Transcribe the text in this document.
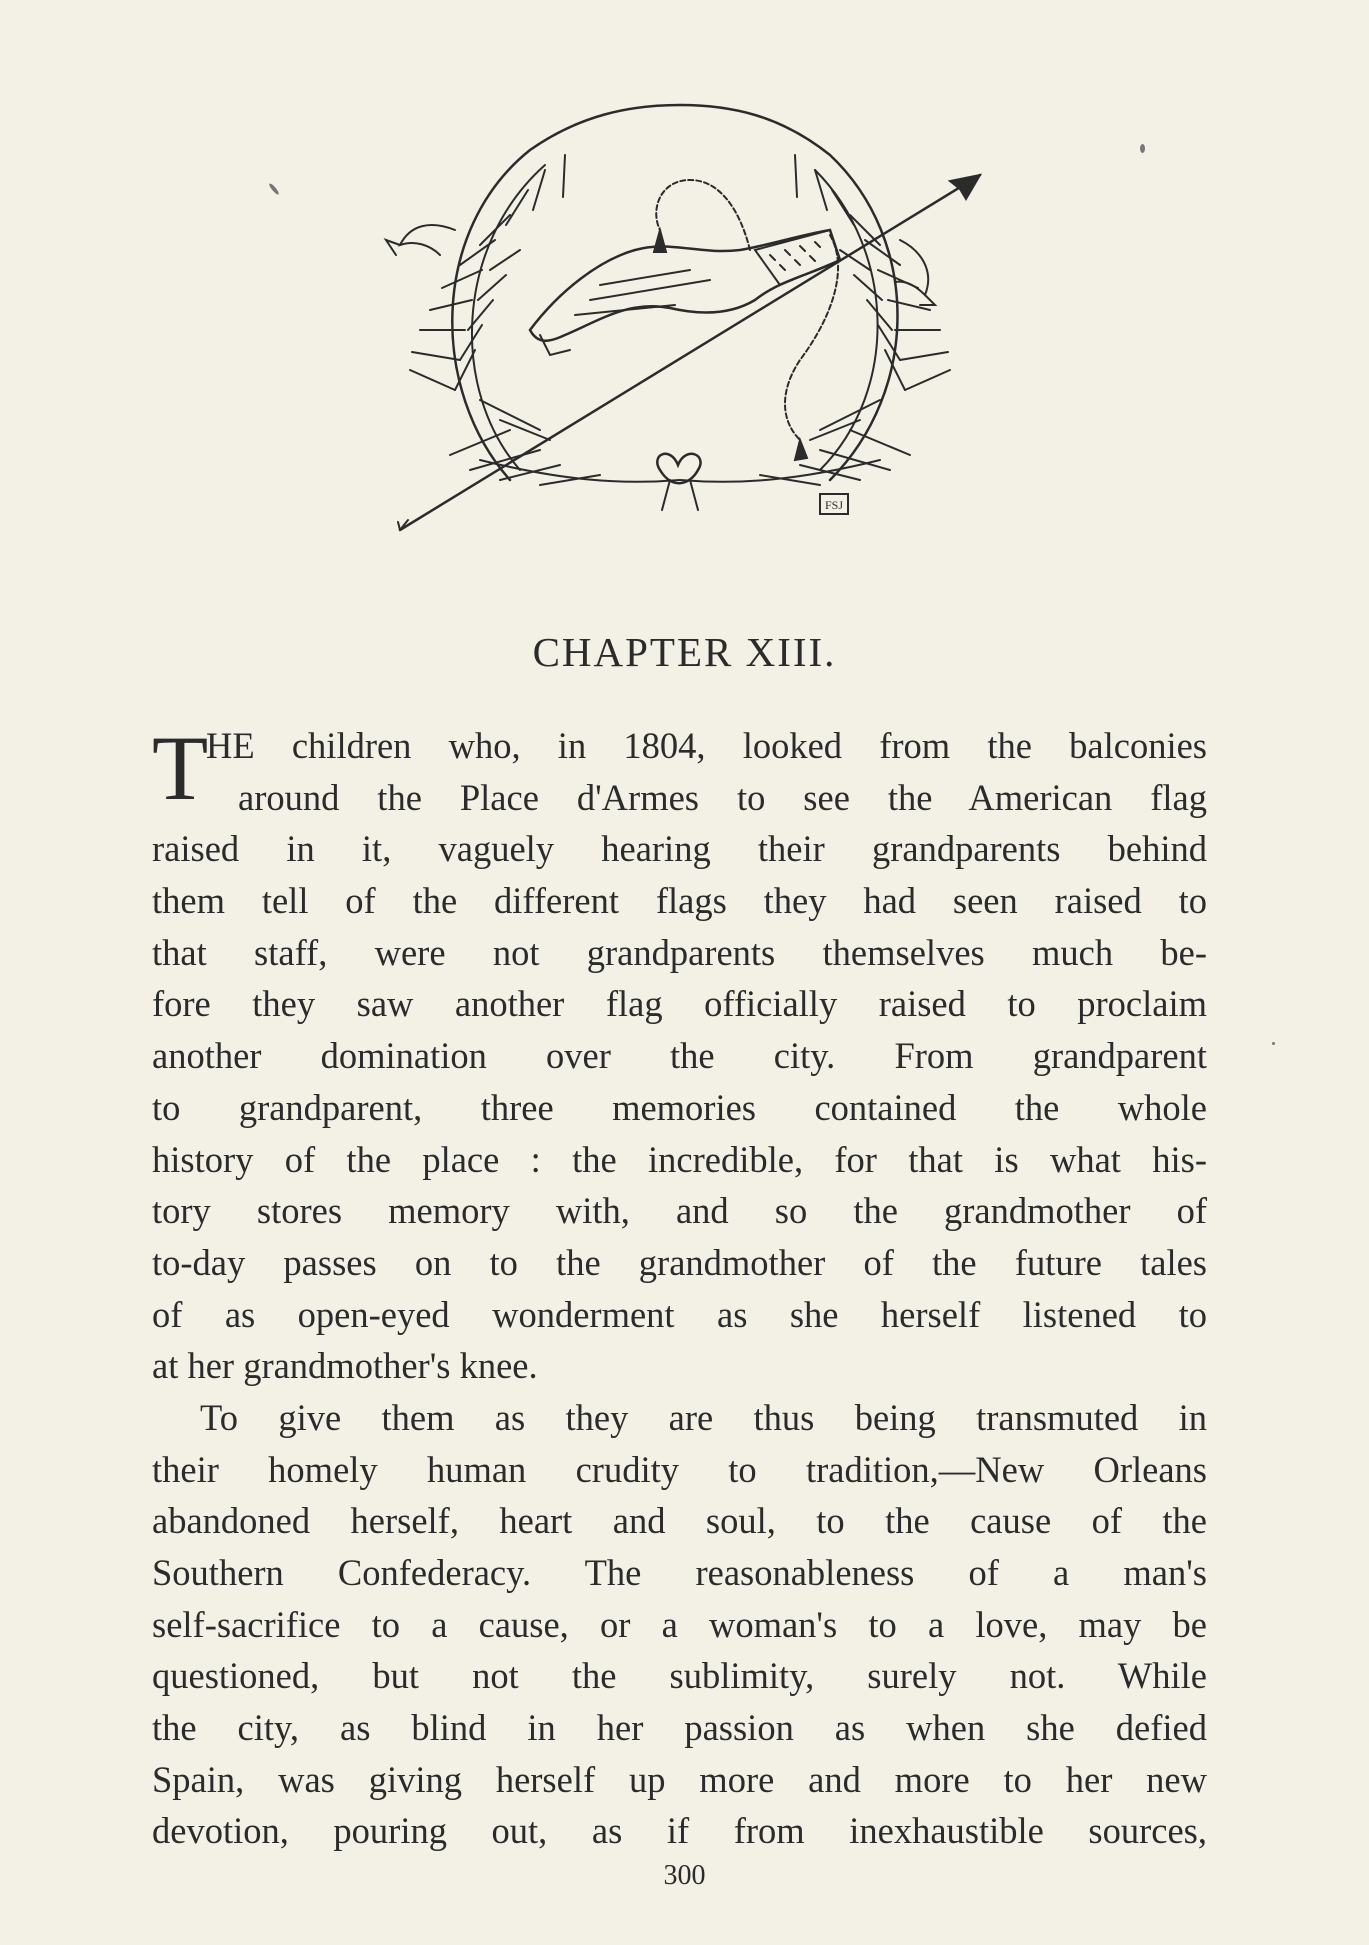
FSJ
CHAPTER XIII.
T
HE children who, in 1804, looked from the balconies
around the Place d'Armes to see the American flag
raised in it, vaguely hearing their grandparents behind
them tell of the different flags they had seen raised to
that staff, were not grandparents themselves much be-
fore they saw another flag officially raised to proclaim
another domination over the city. From grandparent
to grandparent, three memories contained the whole
history of the place : the incredible, for that is what his-
tory stores memory with, and so the grandmother of
to-day passes on to the grandmother of the future tales
of as open-eyed wonderment as she herself listened to
at her grandmother's knee.
To give them as they are thus being transmuted in
their homely human crudity to tradition,—New Orleans
abandoned herself, heart and soul, to the cause of the
Southern Confederacy. The reasonableness of a man's
self-sacrifice to a cause, or a woman's to a love, may be
questioned, but not the sublimity, surely not. While
the city, as blind in her passion as when she defied
Spain, was giving herself up more and more to her new
devotion, pouring out, as if from inexhaustible sources,
300
